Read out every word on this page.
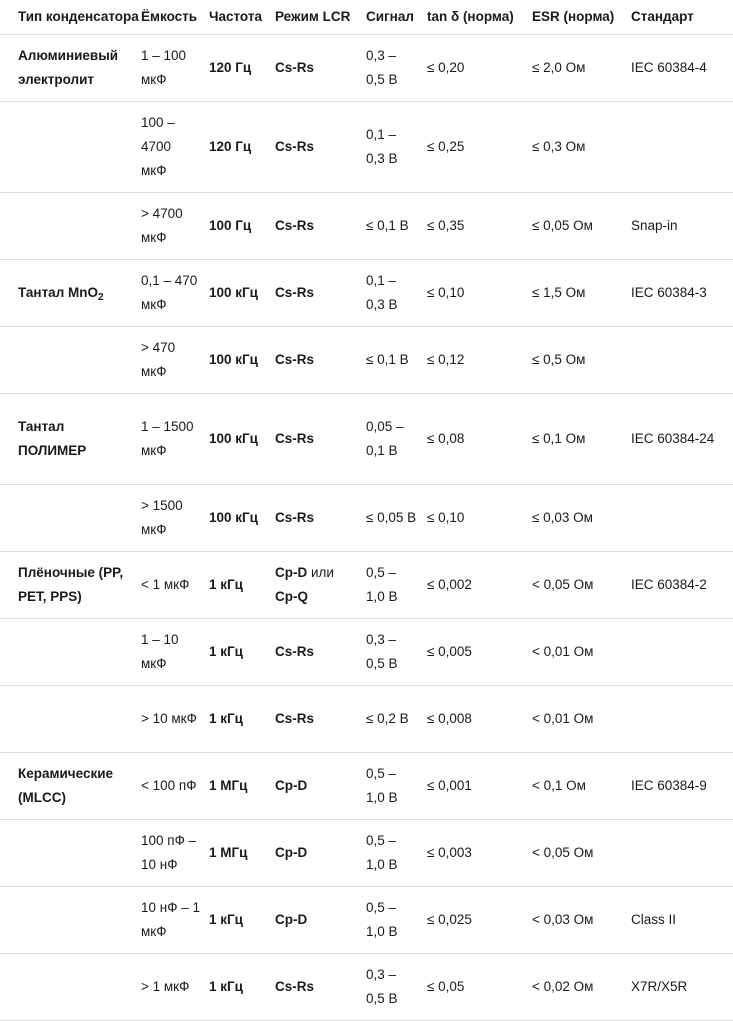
Тип конденсатора	Ёмкость	Частота	Режим LCR	Сигнал	tan δ (норма)	ESR (норма)	Стандарт
Алюминиевый электролит	1 – 100 мкФ	120 Гц	Cs-Rs	0,3 – 0,5 В	≤ 0,20	≤ 2,0 Ом	IEC 60384-4
	100 – 4700 мкФ	120 Гц	Cs-Rs	0,1 – 0,3 В	≤ 0,25	≤ 0,3 Ом	
	> 4700 мкФ	100 Гц	Cs-Rs	≤ 0,1 В	≤ 0,35	≤ 0,05 Ом	Snap-in
Тантал MnO$_2$	0,1 – 470 мкФ	100 кГц	Cs-Rs	0,1 – 0,3 В	≤ 0,10	≤ 1,5 Ом	IEC 60384-3
	> 470 мкФ	100 кГц	Cs-Rs	≤ 0,1 В	≤ 0,12	≤ 0,5 Ом	
Тантал ПОЛИМЕР	1 – 1500 мкФ	100 кГц	Cs-Rs	0,05 – 0,1 В	≤ 0,08	≤ 0,1 Ом	IEC 60384-24
	> 1500 мкФ	100 кГц	Cs-Rs	≤ 0,05 В	≤ 0,10	≤ 0,03 Ом	
Плёночные (PP, PET, PPS)	< 1 мкФ	1 кГц	Cp-D или Cp-Q	0,5 – 1,0 В	≤ 0,002	< 0,05 Ом	IEC 60384-2
	1 – 10 мкФ	1 кГц	Cs-Rs	0,3 – 0,5 В	≤ 0,005	< 0,01 Ом	
	> 10 мкФ	1 кГц	Cs-Rs	≤ 0,2 В	≤ 0,008	< 0,01 Ом	
Керамические (MLCC)	< 100 пФ	1 МГц	Cp-D	0,5 – 1,0 В	≤ 0,001	< 0,1 Ом	IEC 60384-9
	100 пФ – 10 нФ	1 МГц	Cp-D	0,5 – 1,0 В	≤ 0,003	< 0,05 Ом	
	10 нФ – 1 мкФ	1 кГц	Cp-D	0,5 – 1,0 В	≤ 0,025	< 0,03 Ом	Class II
	> 1 мкФ	1 кГц	Cs-Rs	0,3 – 0,5 В	≤ 0,05	< 0,02 Ом	X7R/X5R
